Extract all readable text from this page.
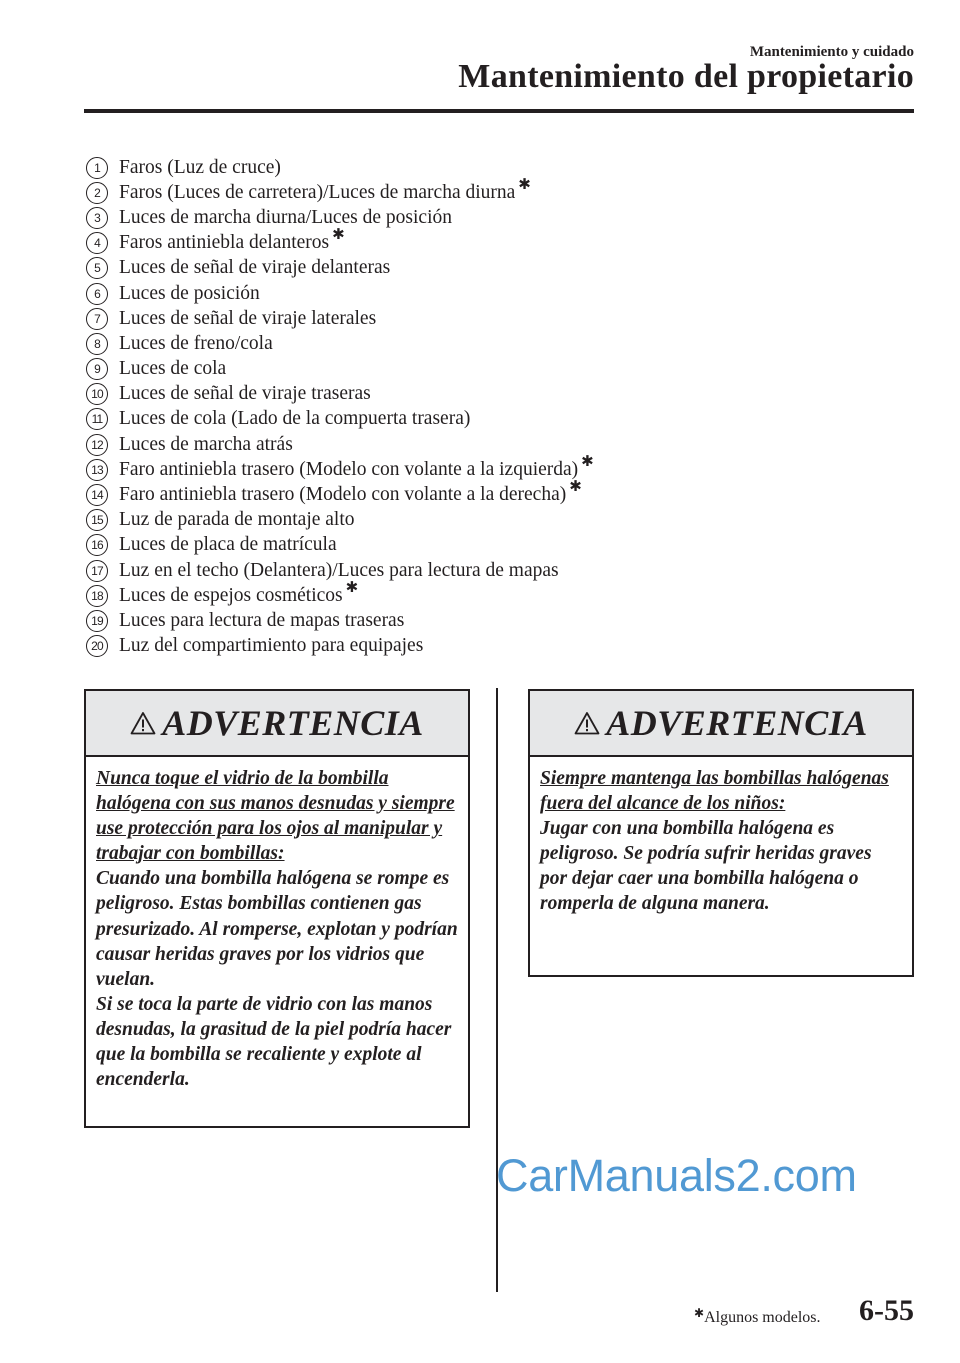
Mantenimiento y cuidado
Mantenimiento del propietario
1 Faros (Luz de cruce)
2 Faros (Luces de carretera)/Luces de marcha diurna ✱
3 Luces de marcha diurna/Luces de posición
4 Faros antiniebla delanteros ✱
5 Luces de señal de viraje delanteras
6 Luces de posición
7 Luces de señal de viraje laterales
8 Luces de freno/cola
9 Luces de cola
10 Luces de señal de viraje traseras
11 Luces de cola (Lado de la compuerta trasera)
12 Luces de marcha atrás
13 Faro antiniebla trasero (Modelo con volante a la izquierda) ✱
14 Faro antiniebla trasero (Modelo con volante a la derecha) ✱
15 Luz de parada de montaje alto
16 Luces de placa de matrícula
17 Luz en el techo (Delantera)/Luces para lectura de mapas
18 Luces de espejos cosméticos ✱
19 Luces para lectura de mapas traseras
20 Luz del compartimiento para equipajes
ADVERTENCIA
Nunca toque el vidrio de la bombilla halógena con sus manos desnudas y siempre use protección para los ojos al manipular y trabajar con bombillas:
Cuando una bombilla halógena se rompe es peligroso. Estas bombillas contienen gas presurizado. Al romperse, explotan y podrían causar heridas graves por los vidrios que vuelan.
Si se toca la parte de vidrio con las manos desnudas, la grasitud de la piel podría hacer que la bombilla se recaliente y explote al encenderla.
ADVERTENCIA
Siempre mantenga las bombillas halógenas fuera del alcance de los niños:
Jugar con una bombilla halógena es peligroso. Se podría sufrir heridas graves por dejar caer una bombilla halógena o romperla de alguna manera.
CarManuals2.com
✱Algunos modelos. 6-55
